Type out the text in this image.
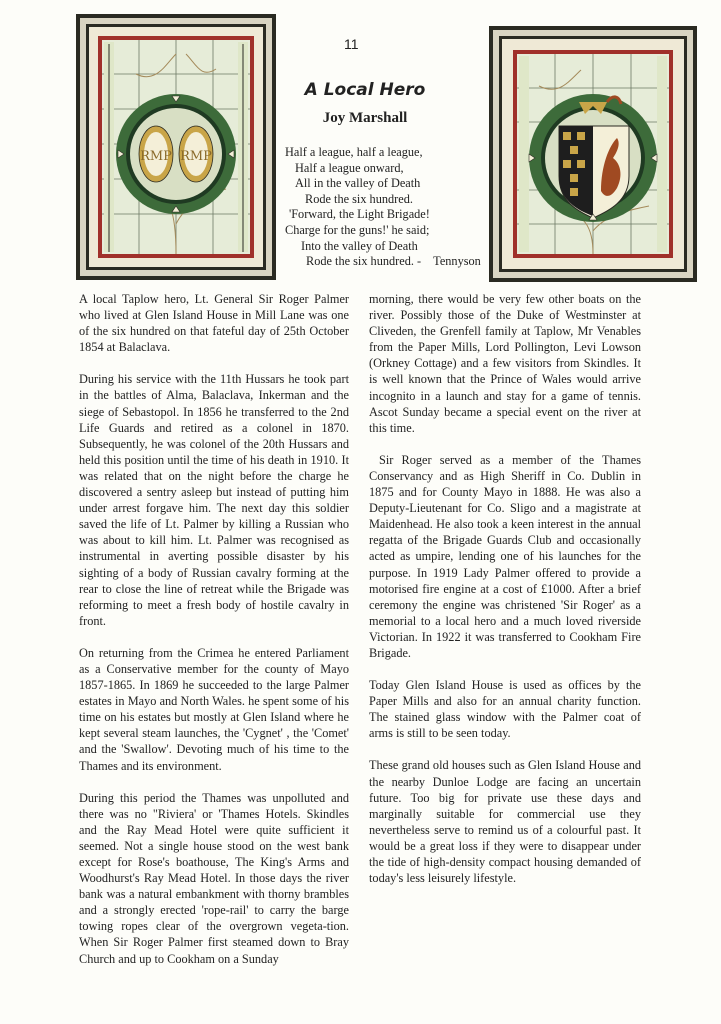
11
RMP RMP
A Local Hero
Joy Marshall
Half a league, half a league,
Half a league onward,
All in the valley of Death
Rode the six hundred.
'Forward, the Light Brigade!
Charge for the guns!' he said;
Into the valley of Death
Rode the six hundred. -    Tennyson

A local Taplow hero, Lt. General Sir Roger Palmer who lived at Glen Island House in Mill Lane was one of the six hundred on that fateful day of 25th October 1854 at Balaclava.

During his service with the 11th Hussars he took part in the battles of Alma, Balaclava, Inkerman and the siege of Sebastopol. In 1856 he transferred to the 2nd Life Guards and retired as a colonel in 1870. Subsequently, he was colonel of the 20th Hussars and held this position until the time of his death in 1910. It was related that on the night before the charge he discovered a sentry asleep but instead of putting him under arrest forgave him. The next day this soldier saved the life of Lt. Palmer by killing a Russian who was about to kill him. Lt. Palmer was recognised as instrumental in averting possible disaster by his sighting of a body of Russian cavalry forming at the rear to close the line of retreat while the Brigade was reforming to meet a fresh body of hostile cavalry in front.

On returning from the Crimea he entered Parliament as a Conservative member for the county of Mayo 1857-1865. In 1869 he succeeded to the large Palmer estates in Mayo and North Wales. he spent some of his time on his estates but mostly at Glen Island where he kept several steam launches, the 'Cygnet' , the 'Comet' and the 'Swallow'. Devoting much of his time to the Thames and its environment.

During this period the Thames was unpolluted and there was no "Riviera' or 'Thames Hotels. Skindles and the Ray Mead Hotel were quite sufficient it seemed. Not a single house stood on the west bank except for Rose's boathouse, The King's Arms and Woodhurst's Ray Mead Hotel. In those days the river bank was a natural embankment with thorny brambles and a strongly erected 'rope-rail' to carry the barge towing ropes clear of the overgrown vegeta-tion. When Sir Roger Palmer first steamed down to Bray Church and up to Cookham on a Sunday

morning, there would be very few other boats on the river. Possibly those of the Duke of Westminster at Cliveden, the Grenfell family at Taplow, Mr Venables from the Paper Mills, Lord Pollington, Levi Lowson (Orkney Cottage) and a few visitors from Skindles. It is well known that the Prince of Wales would arrive incognito in a launch and stay for a game of tennis. Ascot Sunday became a special event on the river at this time.

Sir Roger served as a member of the Thames Conservancy and as High Sheriff in Co. Dublin in 1875 and for County Mayo in 1888. He was also a Deputy-Lieutenant for Co. Sligo and a magistrate at Maidenhead. He also took a keen interest in the annual regatta of the Brigade Guards Club and occasionally acted as umpire, lending one of his launches for the purpose. In 1919 Lady Palmer offered to provide a motorised fire engine at a cost of £1000. After a brief ceremony the engine was christened 'Sir Roger' as a memorial to a local hero and a much loved riverside Victorian. In 1922 it was transferred to Cookham Fire Brigade.

Today Glen Island House is used as offices by the Paper Mills and also for an annual charity function. The stained glass window with the Palmer coat of arms is still to be seen today.

These grand old houses such as Glen Island House and the nearby Dunloe Lodge are facing an uncertain future. Too big for private use these days and marginally suitable for commercial use they nevertheless serve to remind us of a colourful past. It would be a great loss if they were to disappear under the tide of high-density compact housing demanded of today's less leisurely lifestyle.
